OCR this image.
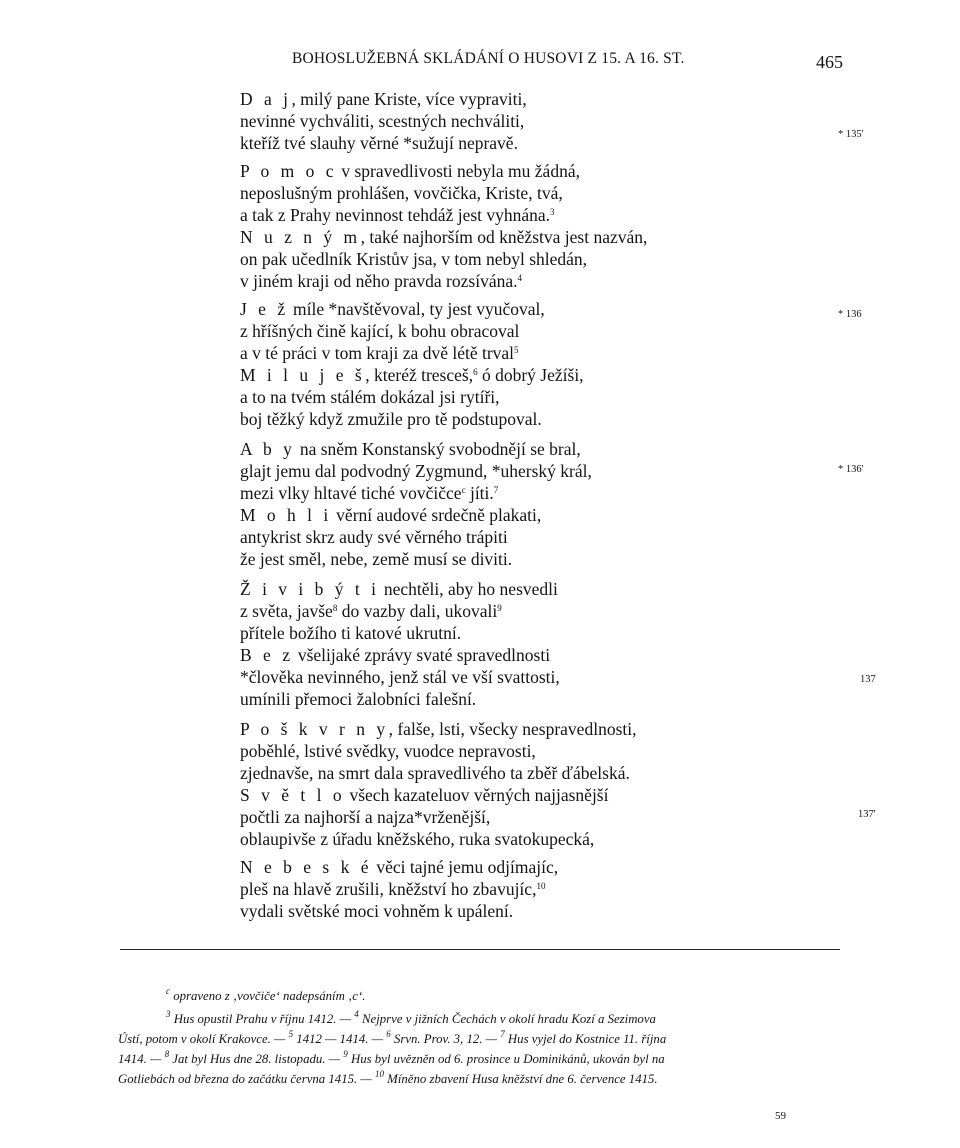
BOHOSLUŽEBNÁ SKLÁDÁNÍ O HUSOVI Z 15. A 16. ST.	465
D a j, milý pane Kriste, více vypraviti,
nevinné vychváliti, scestných nechváliti,
kteříž tvé slauhy věrné *sužují nepravě.
P o m o c v spravedlivosti nebyla mu žádná,
neposlušným prohlášen, vovčička, Kriste, tvá,
a tak z Prahy nevinnost tehdáž jest vyhnána.$^3$
N u z n ý m, také najhorším od kněžstva jest nazván,
on pak učedlník Kristův jsa, v tom nebyl shledán,
v jiném kraji od něho pravda rozsívána.$^4$
J e ž míle *navštěvoval, ty jest vyučoval,
z hříšných čině kající, k bohu obracoval
a v té práci v tom kraji za dvě létě trval$^5$
M i l u j e š, kteréž tresceš,$^6$ ó dobrý Ježíši,
a to na tvém stálém dokázal jsi rytíři,
boj těžký když zmužile pro tě podstupoval.
A b y na sněm Konstanský svobodnějí se bral,
glajt jemu dal podvodný Zygmund, *uherský král,
mezi vlky hltavé tiché vovčičce$^c$ jíti.$^7$
M o h l i věrní audové srdečně plakati,
antykrist skrz audy své věrného trápiti
že jest směl, nebe, země musí se diviti.
Ž i v i b ý t i nechtěli, aby ho nesvedli
z světa, javše$^8$ do vazby dali, ukovali$^9$
přítele božího ti katové ukrutní.
B e z všelijaké zprávy svaté spravedlnosti
*člověka nevinného, jenž stál ve vší svattosti,
umínili přemoci žalobníci falešní.
P o š k v r n y, falše, lsti, všecky nespravedlnosti,
poběhlé, lstivé svědky, vuodce nepravosti,
zjednavše, na smrt dala spravedlivého ta zběř ďábelská.
S v ě t l o všech kazateluov věrných najjasnější
počtli za najhorší a najza*vrženější,
oblaupivše z úřadu kněžského, ruka svatokupecká,
N e b e s k é věci tajné jemu odjímajíc,
pleš na hlavě zrušili, kněžství ho zbavujíc,$^{10}$
vydali světské moci vohněm k upálení.
* 135'
* 136
* 136'
137
137'
$^c$ opraveno z ‚vovčiče‘ nadepsáním ‚c‘.
$^3$ Hus opustil Prahu v říjnu 1412. — $^4$ Nejprve v jižních Čechách v okolí hradu Kozí a Sezimova
Ústí, potom v okolí Krakovce. — $^5$ 1412 — 1414. — $^6$ Srvn. Prov. 3, 12. — $^7$ Hus vyjel do Kostnice 11. října
1414. — $^8$ Jat byl Hus dne 28. listopadu. — $^9$ Hus byl uvězněn od 6. prosince u Dominikánů, ukován byl na
Gotliebách od března do začátku června 1415. — $^{10}$ Míněno zbavení Husa kněžství dne 6. července 1415.
59
